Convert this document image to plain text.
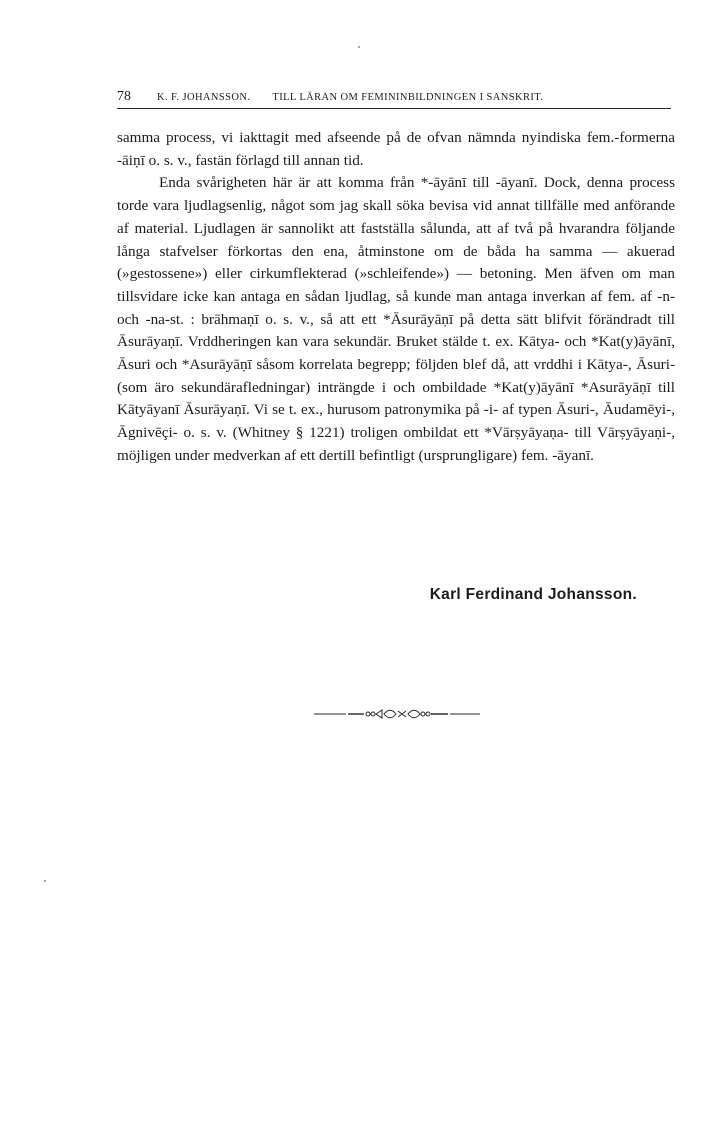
78 K. F. JOHANSSON. TILL LÄRAN OM FEMININBILDNINGEN I SANSKRIT.

samma process, vi iakttagit med afseende på de ofvan nämnda nyindiska fem.-formerna -āiṇī o. s. v., fastän förlagd till annan tid.

Enda svårigheten här är att komma från *-āyānī till -āyanī. Dock, denna process torde vara ljudlagsenlig, något som jag skall söka bevisa vid annat tillfälle med anförande af material. Ljudlagen är sannolikt att fastställa sålunda, att af två på hvarandra följande långa stafvelser förkortas den ena, åtminstone om de båda ha samma — akuerad (»gestossene») eller cirkumflekterad (»schleifende») — betoning. Men äfven om man tillsvidare icke kan antaga en sådan ljudlag, så kunde man antaga inverkan af fem. af -n- och -na-st. : brāhmaṇī o. s. v., så att ett *Āsurāyāṇī på detta sätt blifvit förändradt till Āsurāyaṇī. Vrddheringen kan vara sekundär. Bruket stälde t. ex. Kātya- och *Kat(y)āyānī, Āsuri och *Asurāyāṇī såsom korrelata begrepp; följden blef då, att vrddhi i Kātya-, Āsuri- (som äro sekundärafledningar) inträngde i och ombildade *Kat(y)āyānī *Asurāyāṇī till Kātyāyanī Āsurāyaṇī. Vi se t. ex., hurusom patronymika på -i- af typen Āsuri-, Āudamēyi-, Āgnivēçi- o. s. v. (Whitney § 1221) troligen ombildat ett *Vārṣyāyaṇa- till Vārṣyāyaṇi-, möjligen under medverkan af ett dertill befintligt (ursprungligare) fem. -āyanī.

Karl Ferdinand Johansson.
